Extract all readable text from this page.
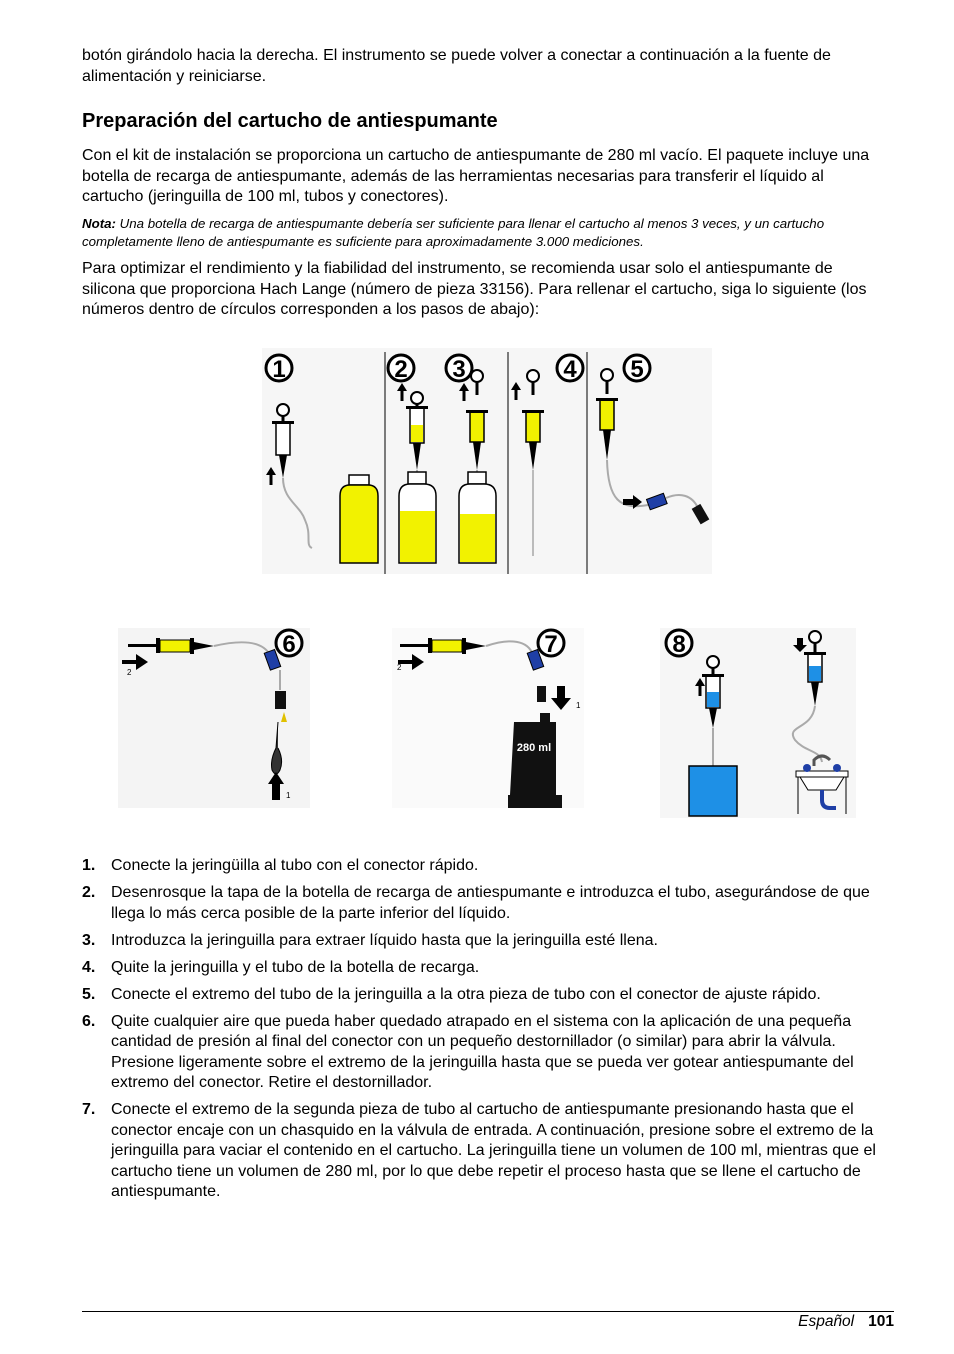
botón girándolo hacia la derecha. El instrumento se puede volver a conectar a continuación a la fuente de alimentación y reiniciarse.

Preparación del cartucho de antiespumante

Con el kit de instalación se proporciona un cartucho de antiespumante de 280 ml vacío. El paquete incluye una botella de recarga de antiespumante, además de las herramientas necesarias para transferir el líquido al cartucho (jeringuilla de 100 ml, tubos y conectores).

Nota: Una botella de recarga de antiespumante debería ser suficiente para llenar el cartucho al menos 3 veces, y un cartucho completamente lleno de antiespumante es suficiente para aproximadamente 3.000 mediciones.

Para optimizar el rendimiento y la fiabilidad del instrumento, se recomienda usar solo el antiespumante de silicona que proporciona Hach Lange (número de pieza 33156). Para rellenar el cartucho, siga lo siguiente (los números dentro de círculos corresponden a los pasos de abajo):

1	2 3	4 5
6
2
1
7
2
1
280 ml
8
1. Conecte la jeringüilla al tubo con el conector rápido.
2. Desenrosque la tapa de la botella de recarga de antiespumante e introduzca el tubo, asegurándose de que llega lo más cerca posible de la parte inferior del líquido.
3. Introduzca la jeringuilla para extraer líquido hasta que la jeringuilla esté llena.
4. Quite la jeringuilla y el tubo de la botella de recarga.
5. Conecte el extremo del tubo de la jeringuilla a la otra pieza de tubo con el conector de ajuste rápido.
6. Quite cualquier aire que pueda haber quedado atrapado en el sistema con la aplicación de una pequeña cantidad de presión al final del conector con un pequeño destornillador (o similar) para abrir la válvula. Presione ligeramente sobre el extremo de la jeringuilla hasta que se pueda ver gotear antiespumante del extremo del conector. Retire el destornillador.
7. Conecte el extremo de la segunda pieza de tubo al cartucho de antiespumante presionando hasta que el conector encaje con un chasquido en la válvula de entrada. A continuación, presione sobre el extremo de la jeringuilla para vaciar el contenido en el cartucho. La jeringuilla tiene un volumen de 100 ml, mientras que el cartucho tiene un volumen de 280 ml, por lo que debe repetir el proceso hasta que se llene el cartucho de antiespumante.
Español 101
